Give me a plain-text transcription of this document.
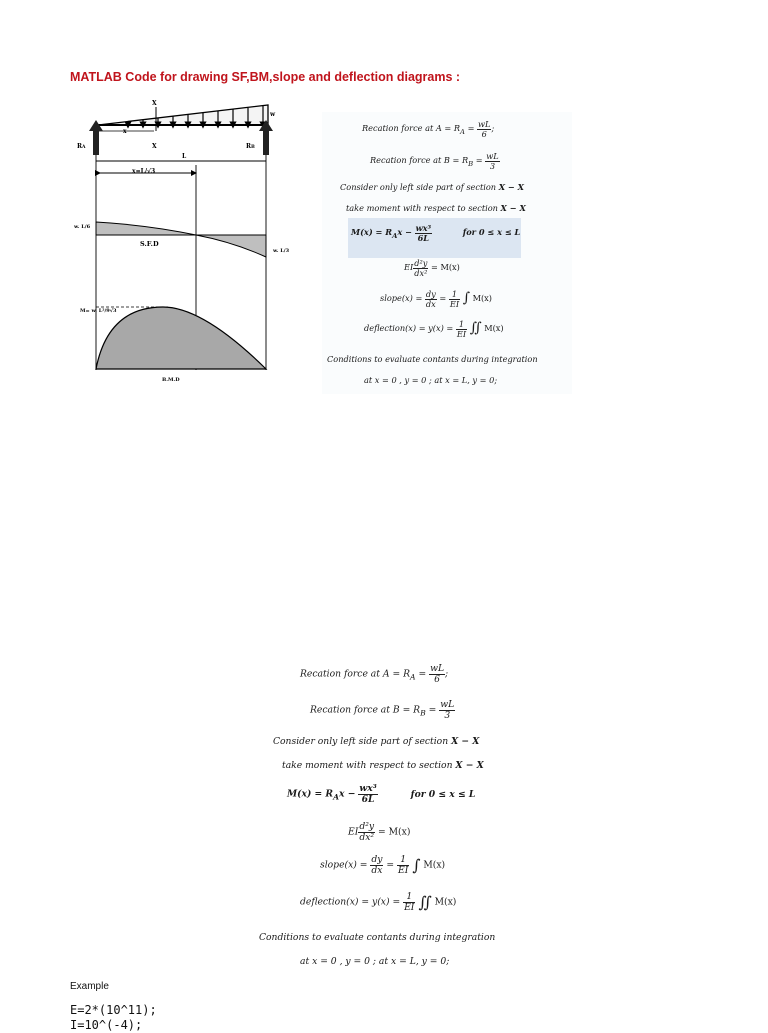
MATLAB Code for drawing SF,BM,slope and deflection diagrams :
X
X
x
w
RA	RB
L
x=L/√3
S.F.D
w. L/6
w. L/3
M= w. L²/9√3
B.M.D
Recation force at $A = R_A = \frac{wL}{6}$ ;
Recation force at $B = R_B = \frac{wL}{3}$
Consider only left side part of section X − X
take moment with respect to section X − X
$M(x) = R_Ax - \frac{\text{wx³}}{6L}$	for 0 ≤ x ≤ L
EI $\frac{\text{d²y}}{\text{dx²}} = M(x)$
slope(x) = $\frac{dy}{dx} = \frac{1}{EI}$ ∫ M(x)
deflection(x) = $y(x) = \frac{1}{EI}$ ∬ M(x)
Conditions to evaluate contants during integration
at x = 0 , y = 0 ; at x = L, y = 0;
Recation force at $A = R_A = \frac{wL}{6}$ ;
Recation force at $B = R_B = \frac{wL}{3}$
Consider only left side part of section X − X
take moment with respect to section X − X
$M(x) = R_Ax - \frac{\text{wx³}}{6L}$	for 0 ≤ x ≤ L
EI $\frac{\text{d²y}}{\text{dx²}} = M(x)$
slope(x) = $\frac{dy}{dx} = \frac{1}{EI}$ ∫ M(x)
deflection(x) = $y(x) = \frac{1}{EI}$ ∬ M(x)
Conditions to evaluate contants during integration
at x = 0 , y = 0 ; at x = L, y = 0;
Example
E=2*(10^11);
I=10^(-4);
